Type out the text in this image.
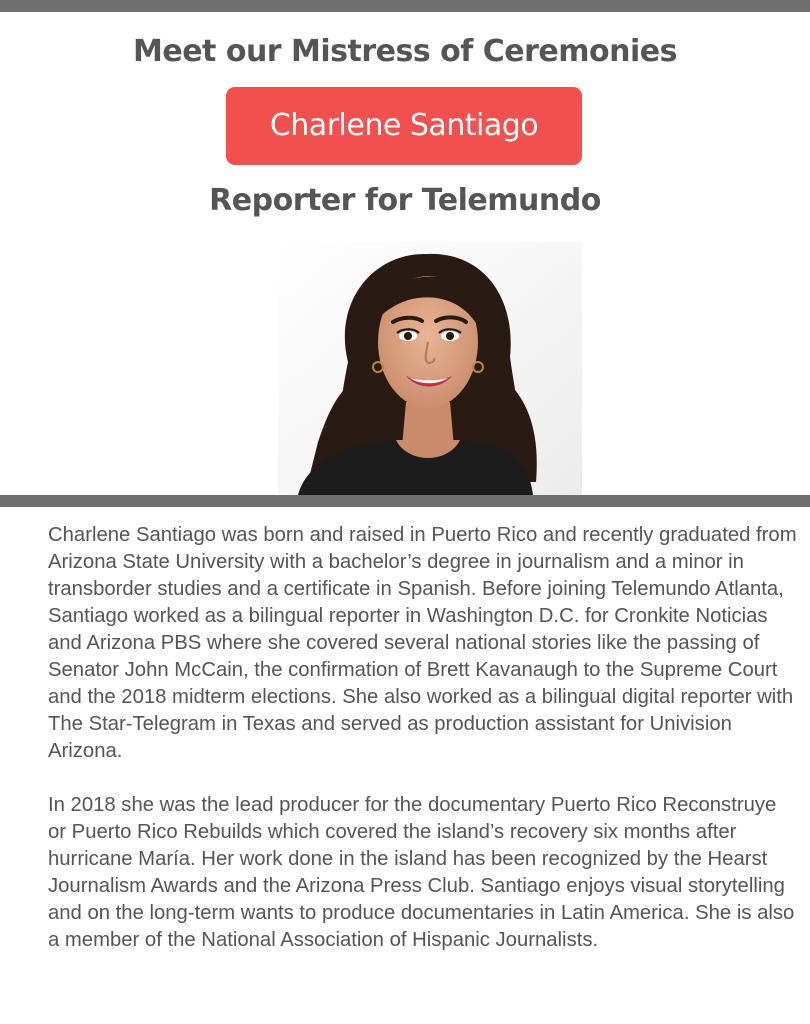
Meet our Mistress of Ceremonies
Charlene Santiago
Reporter for Telemundo

Charlene Santiago was born and raised in Puerto Rico and recently graduated from Arizona State University with a bachelor’s degree in journalism and a minor in transborder studies and a certificate in Spanish. Before joining Telemundo Atlanta, Santiago worked as a bilingual reporter in Washington D.C. for Cronkite Noticias and Arizona PBS where she covered several national stories like the passing of Senator John McCain, the confirmation of Brett Kavanaugh to the Supreme Court and the 2018 midterm elections. She also worked as a bilingual digital reporter with The Star-Telegram in Texas and served as production assistant for Univision Arizona.

In 2018 she was the lead producer for the documentary Puerto Rico Reconstruye or Puerto Rico Rebuilds which covered the island’s recovery six months after hurricane María. Her work done in the island has been recognized by the Hearst Journalism Awards and the Arizona Press Club. Santiago enjoys visual storytelling and on the long-term wants to produce documentaries in Latin America. She is also a member of the National Association of Hispanic Journalists.
